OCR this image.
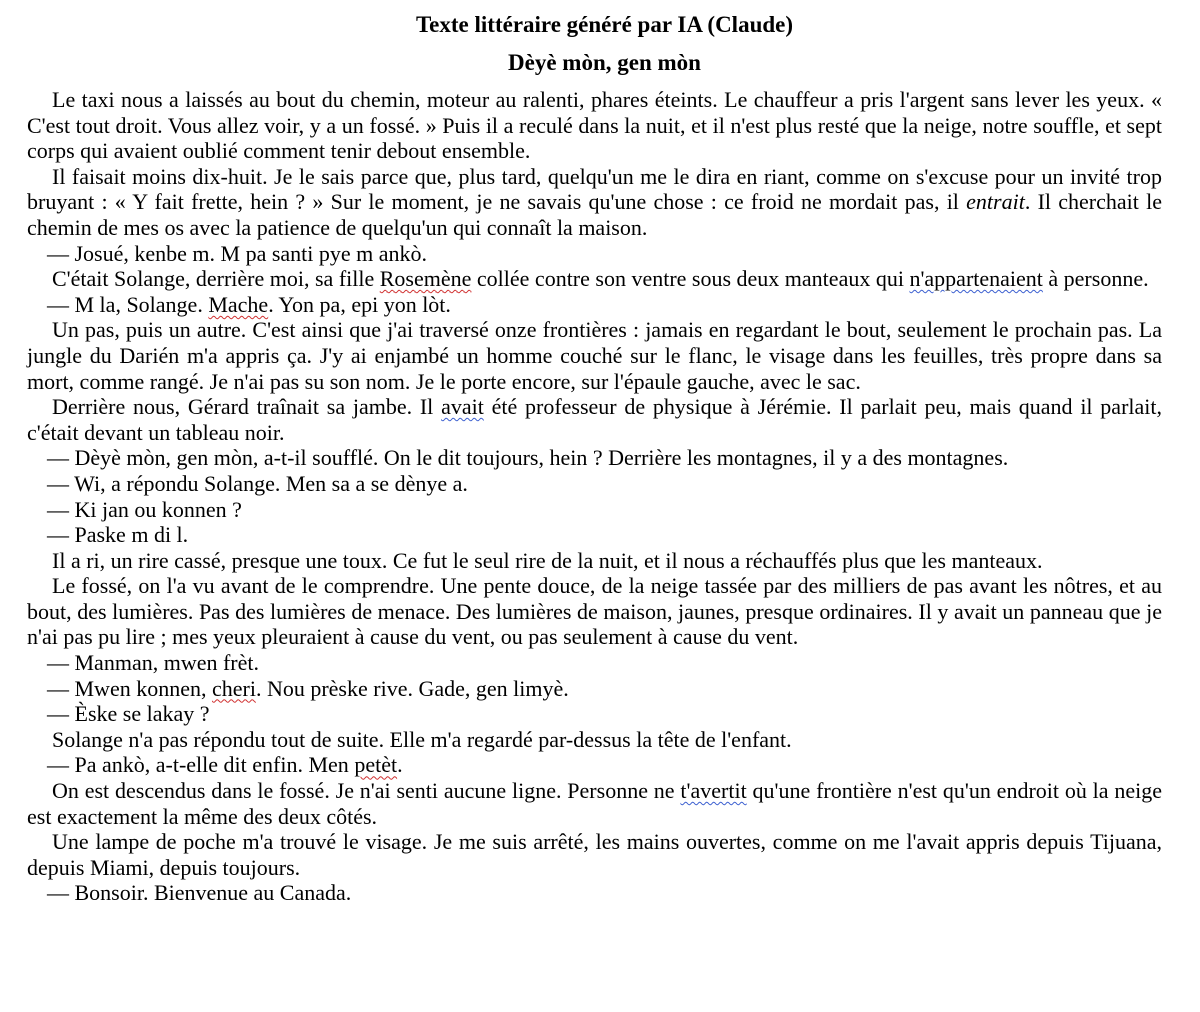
Texte littéraire généré par IA (Claude)
Dèyè mòn, gen mòn

Le taxi nous a laissés au bout du chemin, moteur au ralenti, phares éteints. Le chauffeur a pris l'argent sans lever les yeux. « C'est tout droit. Vous allez voir, y a un fossé. » Puis il a reculé dans la nuit, et il n'est plus resté que la neige, notre souffle, et sept corps qui avaient oublié comment tenir debout ensemble.

Il faisait moins dix-huit. Je le sais parce que, plus tard, quelqu'un me le dira en riant, comme on s'excuse pour un invité trop bruyant : « Y fait frette, hein ? » Sur le moment, je ne savais qu'une chose : ce froid ne mordait pas, il entrait. Il cherchait le chemin de mes os avec la patience de quelqu'un qui connaît la maison.

— Josué, kenbe m. M pa santi pye m ankò.

C'était Solange, derrière moi, sa fille Rosemène collée contre son ventre sous deux manteaux qui n'appartenaient à personne.

— M la, Solange. Mache. Yon pa, epi yon lòt.

Un pas, puis un autre. C'est ainsi que j'ai traversé onze frontières : jamais en regardant le bout, seulement le prochain pas. La jungle du Darién m'a appris ça. J'y ai enjambé un homme couché sur le flanc, le visage dans les feuilles, très propre dans sa mort, comme rangé. Je n'ai pas su son nom. Je le porte encore, sur l'épaule gauche, avec le sac.

Derrière nous, Gérard traînait sa jambe. Il avait été professeur de physique à Jérémie. Il parlait peu, mais quand il parlait, c'était devant un tableau noir.

— Dèyè mòn, gen mòn, a-t-il soufflé. On le dit toujours, hein ? Derrière les montagnes, il y a des montagnes.

— Wi, a répondu Solange. Men sa a se dènye a.

— Ki jan ou konnen ?

— Paske m di l.

Il a ri, un rire cassé, presque une toux. Ce fut le seul rire de la nuit, et il nous a réchauffés plus que les manteaux.

Le fossé, on l'a vu avant de le comprendre. Une pente douce, de la neige tassée par des milliers de pas avant les nôtres, et au bout, des lumières. Pas des lumières de menace. Des lumières de maison, jaunes, presque ordinaires. Il y avait un panneau que je n'ai pas pu lire ; mes yeux pleuraient à cause du vent, ou pas seulement à cause du vent.

— Manman, mwen frèt.

— Mwen konnen, cheri. Nou prèske rive. Gade, gen limyè.

— Èske se lakay ?

Solange n'a pas répondu tout de suite. Elle m'a regardé par-dessus la tête de l'enfant.

— Pa ankò, a-t-elle dit enfin. Men petèt.

On est descendus dans le fossé. Je n'ai senti aucune ligne. Personne ne t'avertit qu'une frontière n'est qu'un endroit où la neige est exactement la même des deux côtés.

Une lampe de poche m'a trouvé le visage. Je me suis arrêté, les mains ouvertes, comme on me l'avait appris depuis Tijuana, depuis Miami, depuis toujours.

— Bonsoir. Bienvenue au Canada.
